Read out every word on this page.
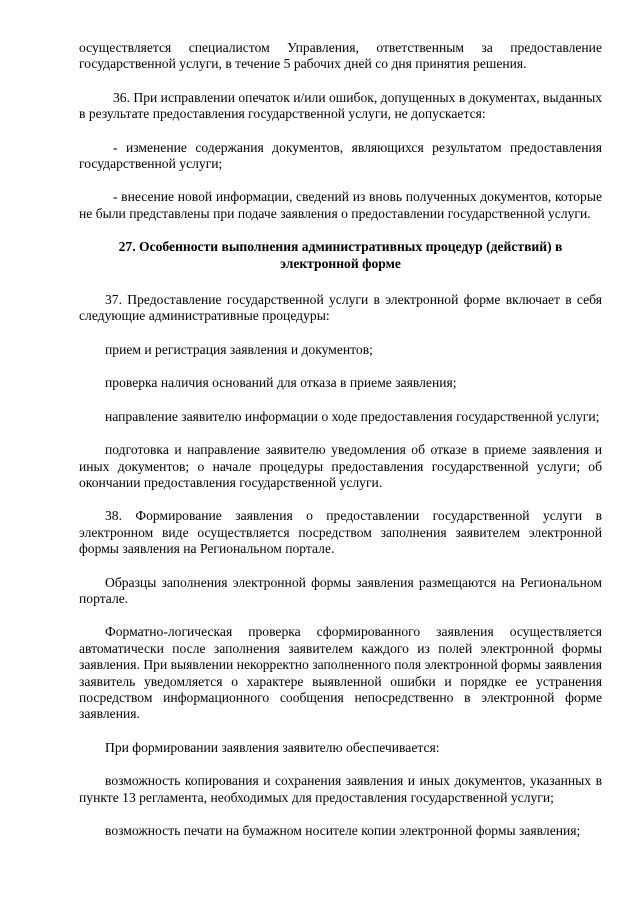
осуществляется специалистом Управления, ответственным за предоставление государственной услуги, в течение 5 рабочих дней со дня принятия решения.

36. При исправлении опечаток и/или ошибок, допущенных в документах, выданных в результате предоставления государственной услуги, не допускается:

- изменение содержания документов, являющихся результатом предоставления государственной услуги;

- внесение новой информации, сведений из вновь полученных документов, которые не были представлены при подаче заявления о предоставлении государственной услуги.

27. Особенности выполнения административных процедур (действий) в электронной форме

37. Предоставление государственной услуги в электронной форме включает в себя следующие административные процедуры:

прием и регистрация заявления и документов;

проверка наличия оснований для отказа в приеме заявления;

направление заявителю информации о ходе предоставления государственной услуги;

подготовка и направление заявителю уведомления об отказе в приеме заявления и иных документов; о начале процедуры предоставления государственной услуги; об окончании предоставления государственной услуги.

38. Формирование заявления о предоставлении государственной услуги в электронном виде осуществляется посредством заполнения заявителем электронной формы заявления на Региональном портале.

Образцы заполнения электронной формы заявления размещаются на Региональном портале.

Форматно-логическая проверка сформированного заявления осуществляется автоматически после заполнения заявителем каждого из полей электронной формы заявления. При выявлении некорректно заполненного поля электронной формы заявления заявитель уведомляется о характере выявленной ошибки и порядке ее устранения посредством информационного сообщения непосредственно в электронной форме заявления.

При формировании заявления заявителю обеспечивается:

возможность копирования и сохранения заявления и иных документов, указанных в пункте 13 регламента, необходимых для предоставления государственной услуги;

возможность печати на бумажном носителе копии электронной формы заявления;
